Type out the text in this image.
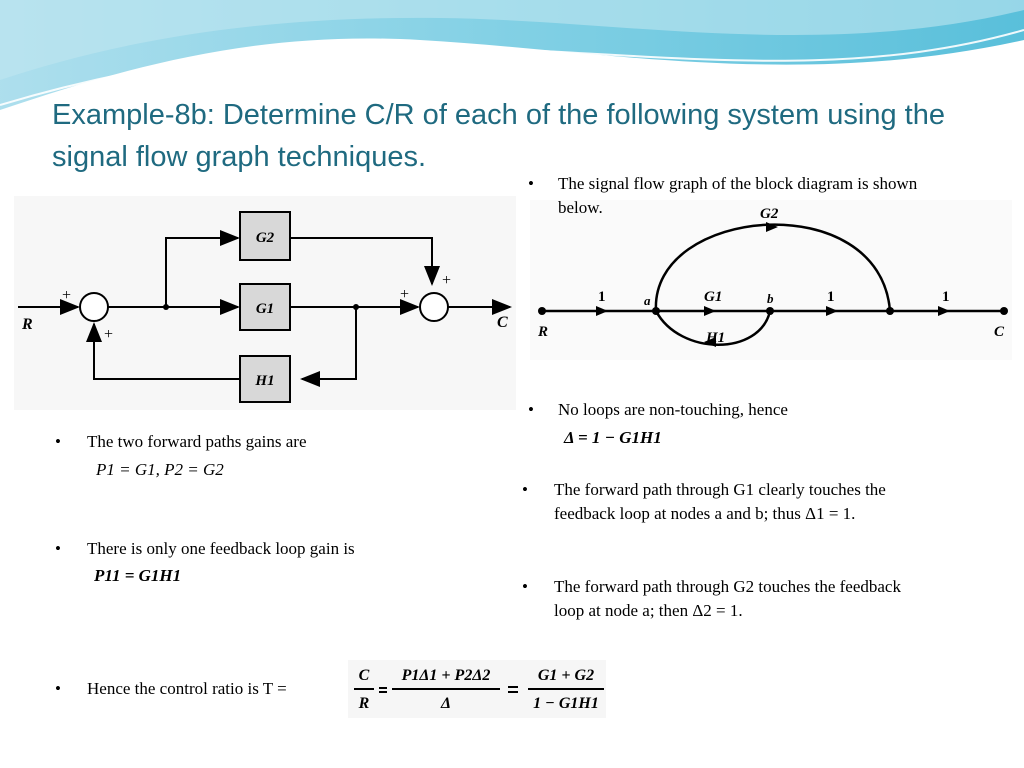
Example-8b: Determine C/R of each of the following system using the signal flow graph techniques.
G2
G1
H1
R	C
+
+
+
+
1	a	G1	b	1	1
G2
H1
R	C
• The signal flow graph of the block diagram is shown below.
• No loops are non-touching, hence
Δ = 1 − G1H1
• The forward path through G1 clearly touches the feedback loop at nodes a and b; thus Δ1 = 1.
• The forward path through G2 touches the feedback loop at node a; then Δ2 = 1.
• The two forward paths gains are
P1 = G1, P2 = G2
• There is only one feedback loop gain is
P11 = G1H1
• Hence the control ratio is T =
C
R
P1Δ1 + P2Δ2
Δ
G1 + G2
1 − G1H1
